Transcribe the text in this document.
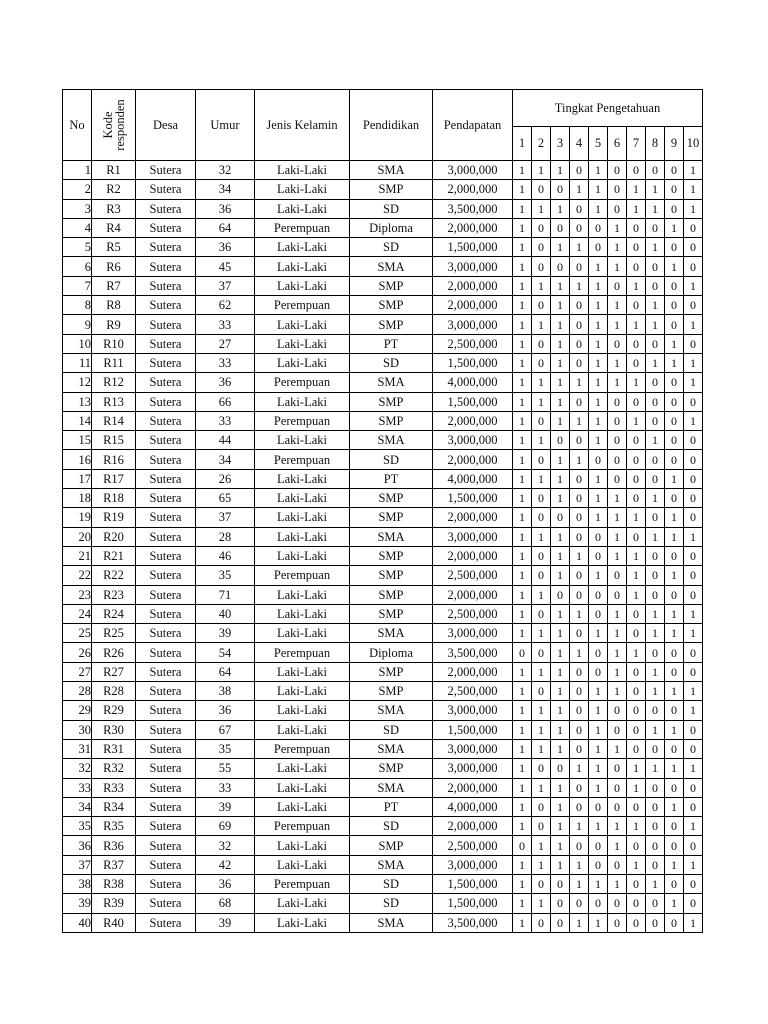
No	Kode responden	Desa	Umur	Jenis Kelamin	Pendidikan	Pendapatan	Tingkat Pengetahuan									
							1	2	3	4	5	6	7	8	9	10
1	R1	Sutera	32	Laki-Laki	SMA	3,000,000	1	1	1	0	1	0	0	0	0	1
2	R2	Sutera	34	Laki-Laki	SMP	2,000,000	1	0	0	1	1	0	1	1	0	1
3	R3	Sutera	36	Laki-Laki	SD	3,500,000	1	1	1	0	1	0	1	1	0	1
4	R4	Sutera	64	Perempuan	Diploma	2,000,000	1	0	0	0	0	1	0	0	1	0
5	R5	Sutera	36	Laki-Laki	SD	1,500,000	1	0	1	1	0	1	0	1	0	0
6	R6	Sutera	45	Laki-Laki	SMA	3,000,000	1	0	0	0	1	1	0	0	1	0
7	R7	Sutera	37	Laki-Laki	SMP	2,000,000	1	1	1	1	1	0	1	0	0	1
8	R8	Sutera	62	Perempuan	SMP	2,000,000	1	0	1	0	1	1	0	1	0	0
9	R9	Sutera	33	Laki-Laki	SMP	3,000,000	1	1	1	0	1	1	1	1	0	1
10	R10	Sutera	27	Laki-Laki	PT	2,500,000	1	0	1	0	1	0	0	0	1	0
11	R11	Sutera	33	Laki-Laki	SD	1,500,000	1	0	1	0	1	1	0	1	1	1
12	R12	Sutera	36	Perempuan	SMA	4,000,000	1	1	1	1	1	1	1	0	0	1
13	R13	Sutera	66	Laki-Laki	SMP	1,500,000	1	1	1	0	1	0	0	0	0	0
14	R14	Sutera	33	Perempuan	SMP	2,000,000	1	0	1	1	1	0	1	0	0	1
15	R15	Sutera	44	Laki-Laki	SMA	3,000,000	1	1	0	0	1	0	0	1	0	0
16	R16	Sutera	34	Perempuan	SD	2,000,000	1	0	1	1	0	0	0	0	0	0
17	R17	Sutera	26	Laki-Laki	PT	4,000,000	1	1	1	0	1	0	0	0	1	0
18	R18	Sutera	65	Laki-Laki	SMP	1,500,000	1	0	1	0	1	1	0	1	0	0
19	R19	Sutera	37	Laki-Laki	SMP	2,000,000	1	0	0	0	1	1	1	0	1	0
20	R20	Sutera	28	Laki-Laki	SMA	3,000,000	1	1	1	0	0	1	0	1	1	1
21	R21	Sutera	46	Laki-Laki	SMP	2,000,000	1	0	1	1	0	1	1	0	0	0
22	R22	Sutera	35	Perempuan	SMP	2,500,000	1	0	1	0	1	0	1	0	1	0
23	R23	Sutera	71	Laki-Laki	SMP	2,000,000	1	1	0	0	0	0	1	0	0	0
24	R24	Sutera	40	Laki-Laki	SMP	2,500,000	1	0	1	1	0	1	0	1	1	1
25	R25	Sutera	39	Laki-Laki	SMA	3,000,000	1	1	1	0	1	1	0	1	1	1
26	R26	Sutera	54	Perempuan	Diploma	3,500,000	0	0	1	1	0	1	1	0	0	0
27	R27	Sutera	64	Laki-Laki	SMP	2,000,000	1	1	1	0	0	1	0	1	0	0
28	R28	Sutera	38	Laki-Laki	SMP	2,500,000	1	0	1	0	1	1	0	1	1	1
29	R29	Sutera	36	Laki-Laki	SMA	3,000,000	1	1	1	0	1	0	0	0	0	1
30	R30	Sutera	67	Laki-Laki	SD	1,500,000	1	1	1	0	1	0	0	1	1	0
31	R31	Sutera	35	Perempuan	SMA	3,000,000	1	1	1	0	1	1	0	0	0	0
32	R32	Sutera	55	Laki-Laki	SMP	3,000,000	1	0	0	1	1	0	1	1	1	1
33	R33	Sutera	33	Laki-Laki	SMA	2,000,000	1	1	1	0	1	0	1	0	0	0
34	R34	Sutera	39	Laki-Laki	PT	4,000,000	1	0	1	0	0	0	0	0	1	0
35	R35	Sutera	69	Perempuan	SD	2,000,000	1	0	1	1	1	1	1	0	0	1
36	R36	Sutera	32	Laki-Laki	SMP	2,500,000	0	1	1	0	0	1	0	0	0	0
37	R37	Sutera	42	Laki-Laki	SMA	3,000,000	1	1	1	1	0	0	1	0	1	1
38	R38	Sutera	36	Perempuan	SD	1,500,000	1	0	0	1	1	1	0	1	0	0
39	R39	Sutera	68	Laki-Laki	SD	1,500,000	1	1	0	0	0	0	0	0	1	0
40	R40	Sutera	39	Laki-Laki	SMA	3,500,000	1	0	0	1	1	0	0	0	0	1
